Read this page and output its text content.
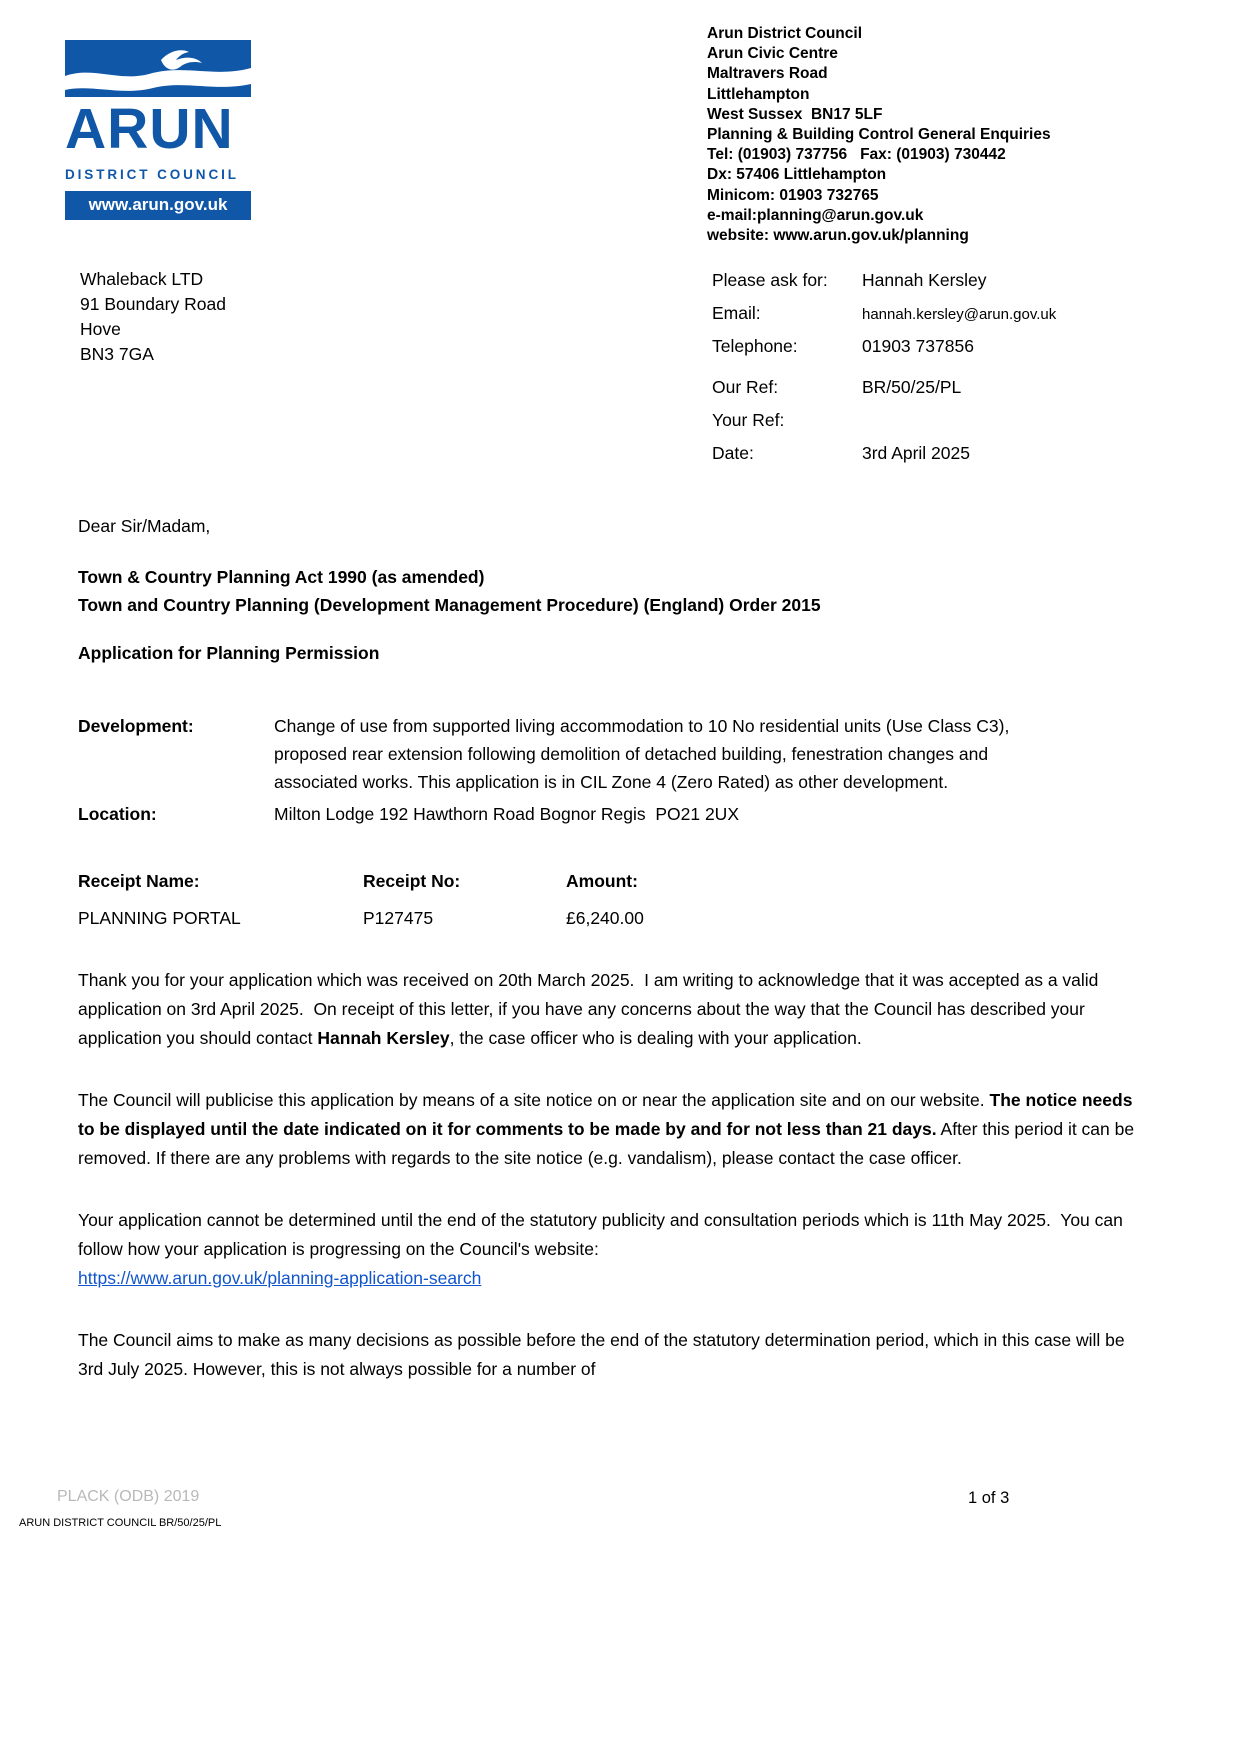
ARUN
DISTRICT COUNCIL
www.arun.gov.uk
Arun District Council
Arun Civic Centre
Maltravers Road
Littlehampton
West Sussex  BN17 5LF
Planning & Building Control General Enquiries
Tel: (01903) 737756   Fax: (01903) 730442
Dx: 57406 Littlehampton
Minicom: 01903 732765
e-mail:planning@arun.gov.uk
website: www.arun.gov.uk/planning
Whaleback LTD
91 Boundary Road
Hove
BN3 7GA
Please ask for:	Hannah Kersley
Email:	hannah.kersley@arun.gov.uk
Telephone:	01903 737856
Our Ref:	BR/50/25/PL
Your Ref:
Date:	3rd April 2025

Dear Sir/Madam,

Town & Country Planning Act 1990 (as amended)
Town and Country Planning (Development Management Procedure) (England) Order 2015

Application for Planning Permission

Development:	Change of use from supported living accommodation to 10 No residential units (Use Class C3), proposed rear extension following demolition of detached building, fenestration changes and associated works. This application is in CIL Zone 4 (Zero Rated) as other development.
Location:	Milton Lodge 192 Hawthorn Road Bognor Regis  PO21 2UX
Receipt Name:	Receipt No:	Amount:
PLANNING PORTAL	P127475	£6,240.00

Thank you for your application which was received on 20th March 2025.  I am writing to acknowledge that it was accepted as a valid application on 3rd April 2025.  On receipt of this letter, if you have any concerns about the way that the Council has described your application you should contact Hannah Kersley, the case officer who is dealing with your application.

The Council will publicise this application by means of a site notice on or near the application site and on our website. The notice needs to be displayed until the date indicated on it for comments to be made by and for not less than 21 days. After this period it can be removed. If there are any problems with regards to the site notice (e.g. vandalism), please contact the case officer.

Your application cannot be determined until the end of the statutory publicity and consultation periods which is 11th May 2025.  You can follow how your application is progressing on the Council's website:
https://www.arun.gov.uk/planning-application-search

The Council aims to make as many decisions as possible before the end of the statutory determination period, which in this case will be 3rd July 2025. However, this is not always possible for a number of

PLACK (ODB) 2019	1 of 3
ARUN DISTRICT COUNCIL BR/50/25/PL
